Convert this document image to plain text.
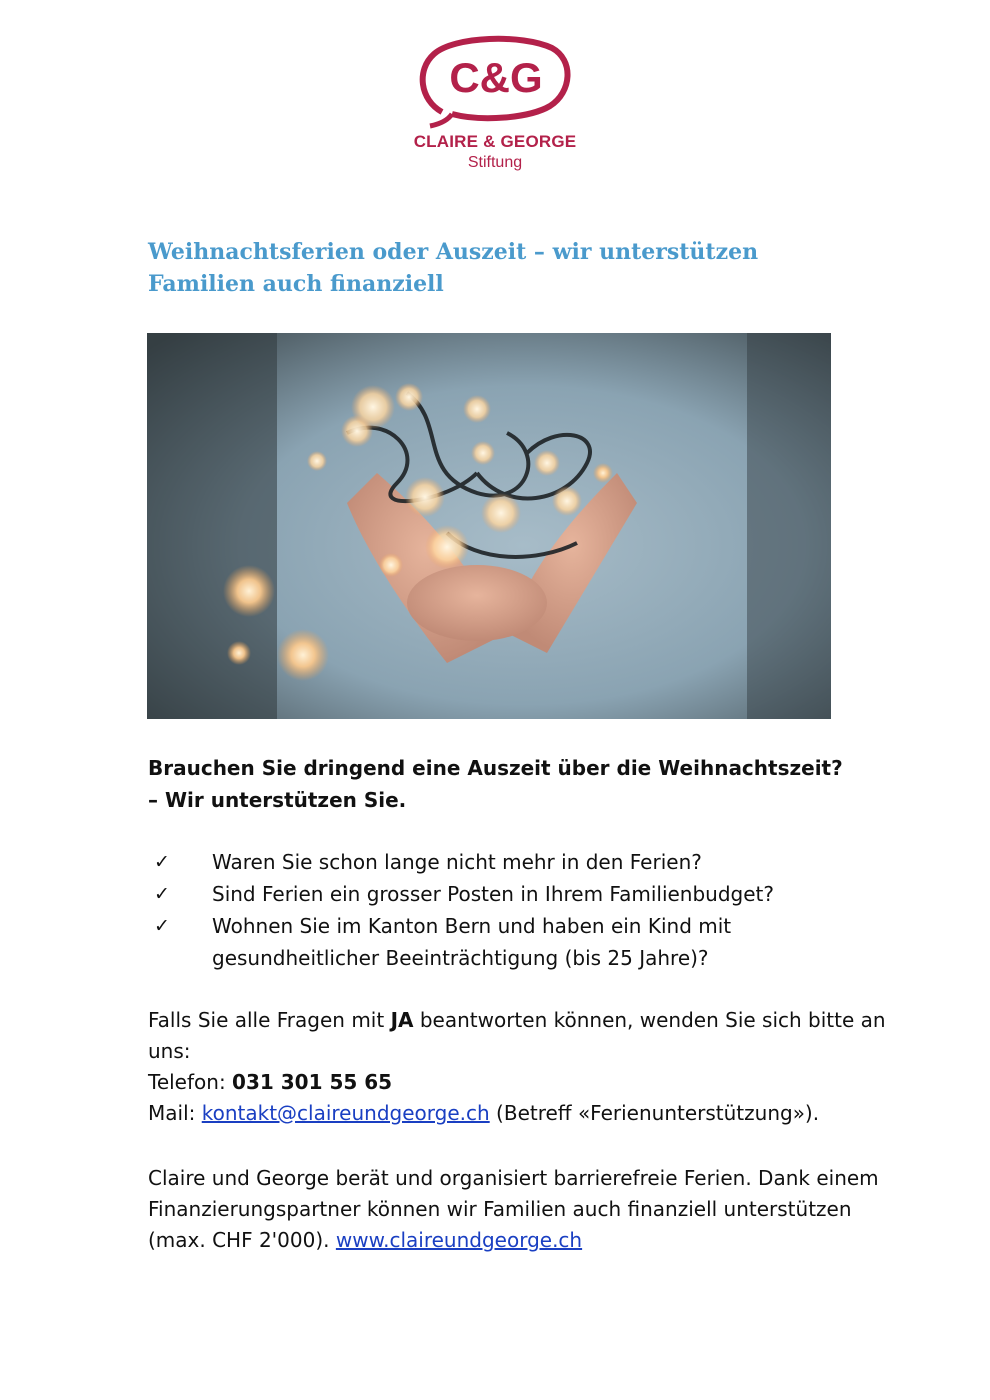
C&G
CLAIRE & GEORGE
Stiftung
Weihnachtsferien oder Auszeit – wir unterstützen
Familien auch finanziell

Brauchen Sie dringend eine Auszeit über die Weihnachtszeit?
– Wir unterstützen Sie.

✓ Waren Sie schon lange nicht mehr in den Ferien?
✓ Sind Ferien ein grosser Posten in Ihrem Familienbudget?
✓ Wohnen Sie im Kanton Bern und haben ein Kind mit gesundheitlicher Beeinträchtigung (bis 25 Jahre)?

Falls Sie alle Fragen mit JA beantworten können, wenden Sie sich bitte an uns:
Telefon: 031 301 55 65
Mail: kontakt@claireundgeorge.ch (Betreff «Ferienunterstützung»).

Claire und George berät und organisiert barrierefreie Ferien. Dank einem Finanzierungspartner können wir Familien auch finanziell unterstützen (max. CHF 2'000). www.claireundgeorge.ch
